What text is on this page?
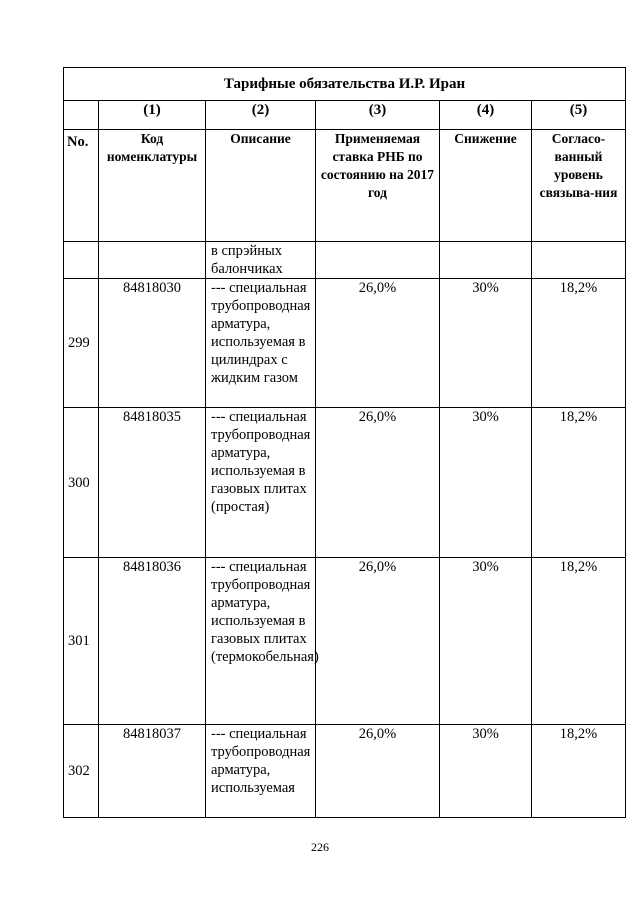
Тарифные обязательства И.Р. Иран					
	(1)	(2)	(3)	(4)	(5)
No.	Код номенклатуры	Описание	Применяемая ставка РНБ по состоянию на 2017 год	Снижение	Согласо-ванный уровень связыва-ния
		в спрэйных балончиках			
299	84818030	--- специальная трубопроводная арматура, используемая в цилиндрах с жидким газом	26,0%	30%	18,2%
300	84818035	--- специальная трубопроводная арматура, используемая в газовых плитах (простая)	26,0%	30%	18,2%
301	84818036	--- специальная трубопроводная арматура, используемая в газовых плитах (термокобельная)	26,0%	30%	18,2%
302	84818037	--- специальная трубопроводная арматура, используемая	26,0%	30%	18,2%
226
